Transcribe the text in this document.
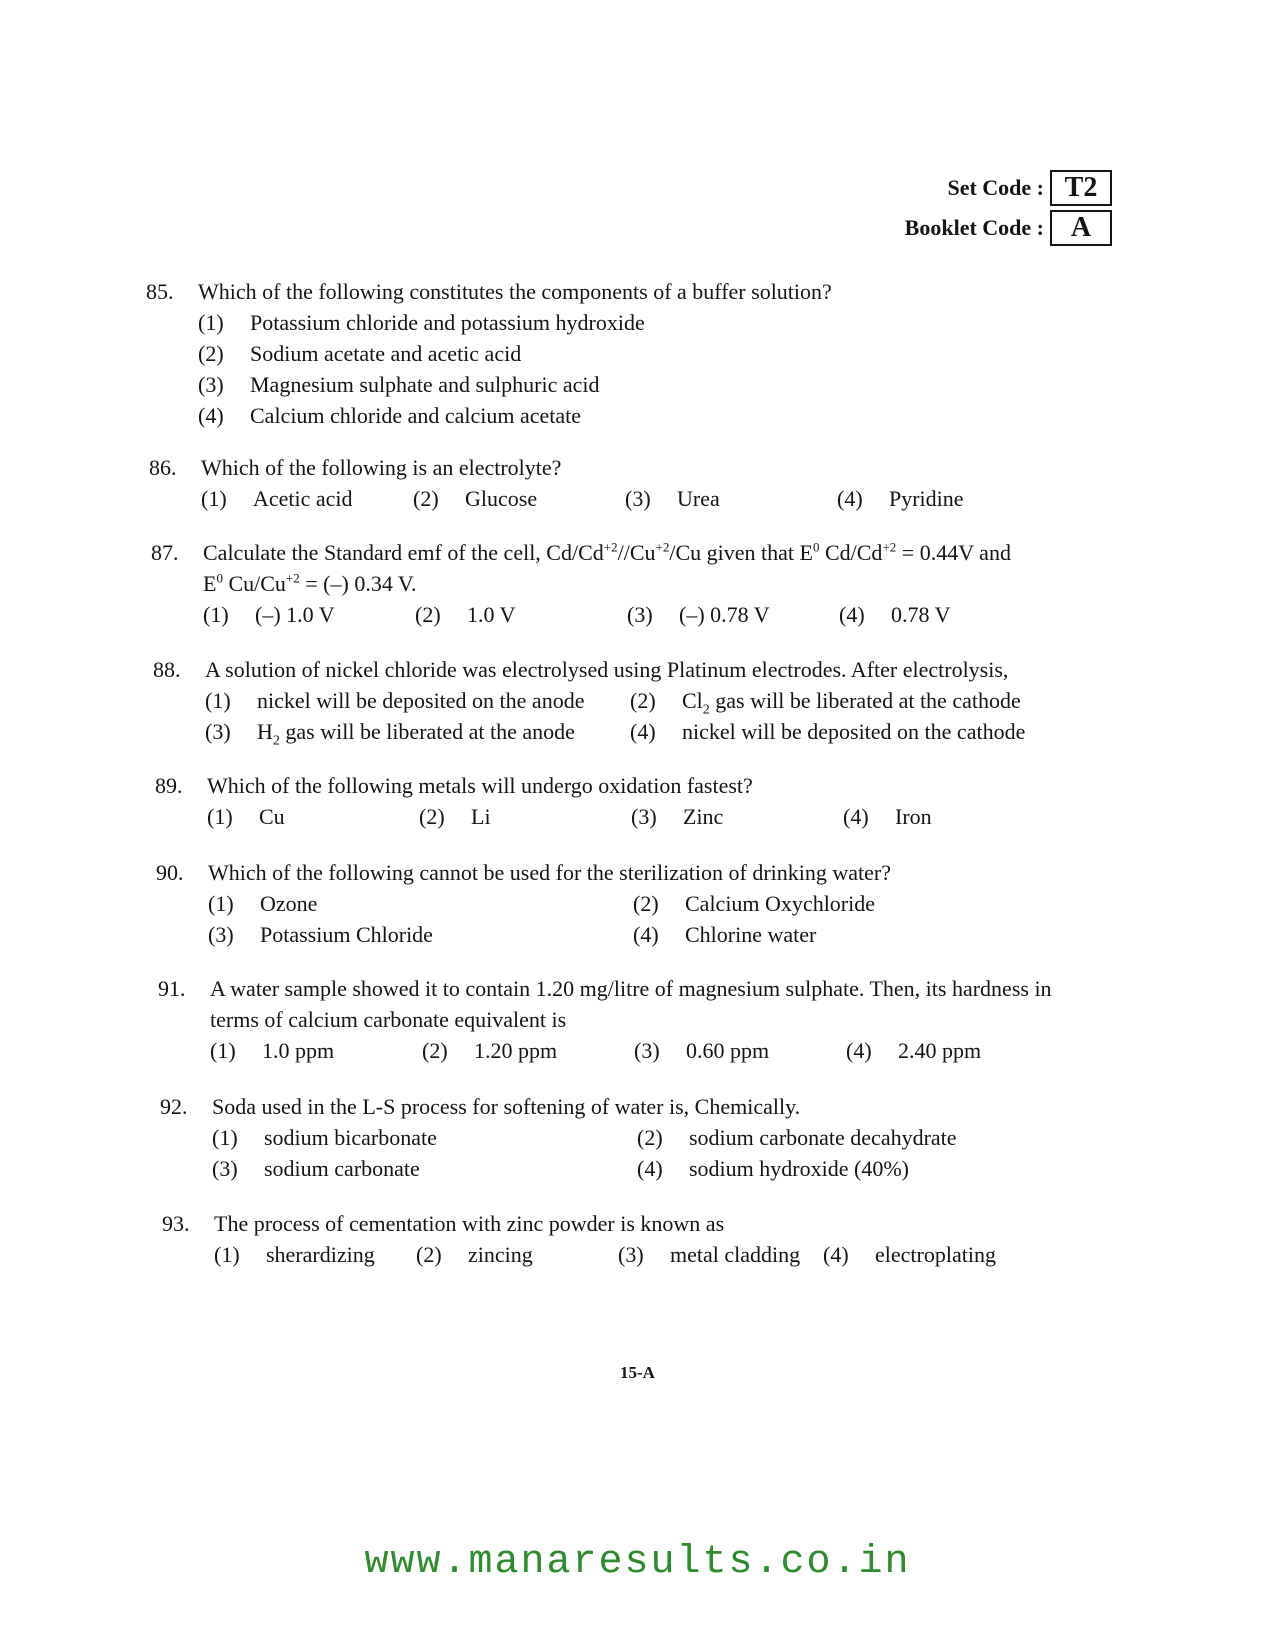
Set Code : T2
Booklet Code : A
85.	Which of the following constitutes the components of a buffer solution?
(1)	Potassium chloride and potassium hydroxide
(2)	Sodium acetate and acetic acid
(3)	Magnesium sulphate and sulphuric acid
(4)	Calcium chloride and calcium acetate
86.	Which of the following is an electrolyte?
(1)	Acetic acid	(2)	Glucose	(3)	Urea	(4)	Pyridine
87.	Calculate the Standard emf of the cell, $Cd/Cd^{+2}//Cu^{+2}/Cu$ given that $E^0$ $Cd/Cd^{+2} = 0.44V$ and
$E^0$ $Cu/Cu^{+2}$ = (–) 0.34 V.
(1)	(–) 1.0 V	(2)	1.0 V	(3)	(–) 0.78 V	(4)	0.78 V
88.	A solution of nickel chloride was electrolysed using Platinum electrodes. After electrolysis,
(1)	nickel will be deposited on the anode (2)	$Cl_2$ gas will be liberated at the cathode
(3)	$H_2$ gas will be liberated at the anode	(4)	nickel will be deposited on the cathode
89.	Which of the following metals will undergo oxidation fastest?
(1)	Cu	(2)	Li	(3)	Zinc	(4)	Iron
90.	Which of the following cannot be used for the sterilization of drinking water?
(1)	Ozone	(2)	Calcium Oxychloride
(3)	Potassium Chloride	(4)	Chlorine water
91.	A water sample showed it to contain 1.20 mg/litre of magnesium sulphate. Then, its hardness in
terms of calcium carbonate equivalent is
(1)	1.0 ppm	(2)	1.20 ppm	(3)	0.60 ppm	(4)	2.40 ppm
92.	Soda used in the L-S process for softening of water is, Chemically.
(1)	sodium bicarbonate	(2)	sodium carbonate decahydrate
(3)	sodium carbonate	(4)	sodium hydroxide (40%)
93.	The process of cementation with zinc powder is known as
(1)	sherardizing (2)	zincing	(3)	metal cladding (4)	electroplating
15-A
www.manaresults.co.in
